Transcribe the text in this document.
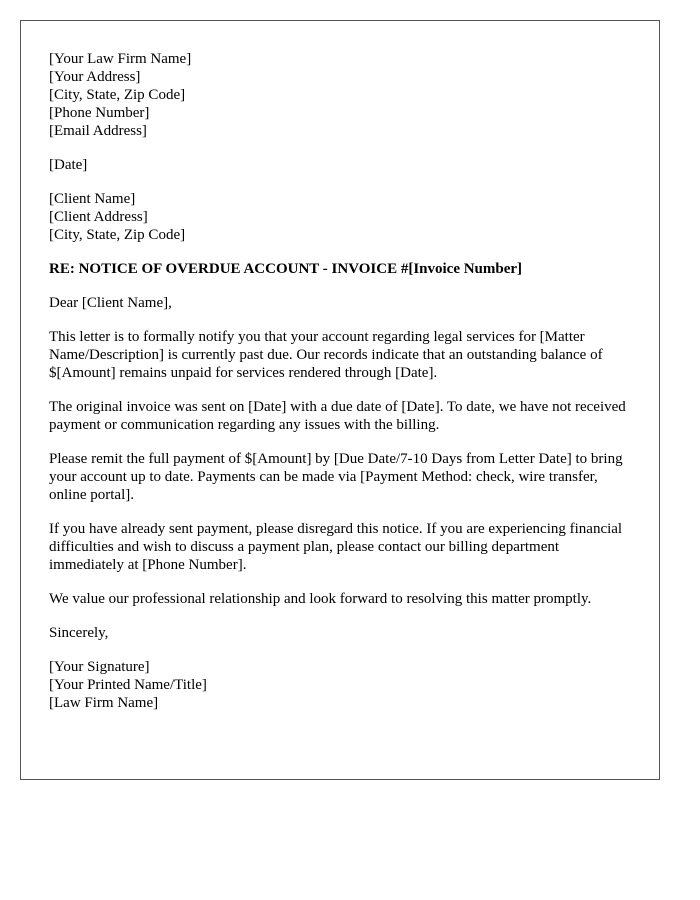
[Your Law Firm Name]
[Your Address]
[City, State, Zip Code]
[Phone Number]
[Email Address]
[Date]
[Client Name]
[Client Address]
[City, State, Zip Code]

RE: NOTICE OF OVERDUE ACCOUNT - INVOICE #[Invoice Number]

Dear [Client Name],

This letter is to formally notify you that your account regarding legal services for [Matter Name/Description] is currently past due. Our records indicate that an outstanding balance of $[Amount] remains unpaid for services rendered through [Date].

The original invoice was sent on [Date] with a due date of [Date]. To date, we have not received payment or communication regarding any issues with the billing.

Please remit the full payment of $[Amount] by [Due Date/7-10 Days from Letter Date] to bring your account up to date. Payments can be made via [Payment Method: check, wire transfer, online portal].

If you have already sent payment, please disregard this notice. If you are experiencing financial difficulties and wish to discuss a payment plan, please contact our billing department immediately at [Phone Number].

We value our professional relationship and look forward to resolving this matter promptly.

Sincerely,

[Your Signature]
[Your Printed Name/Title]
[Law Firm Name]
